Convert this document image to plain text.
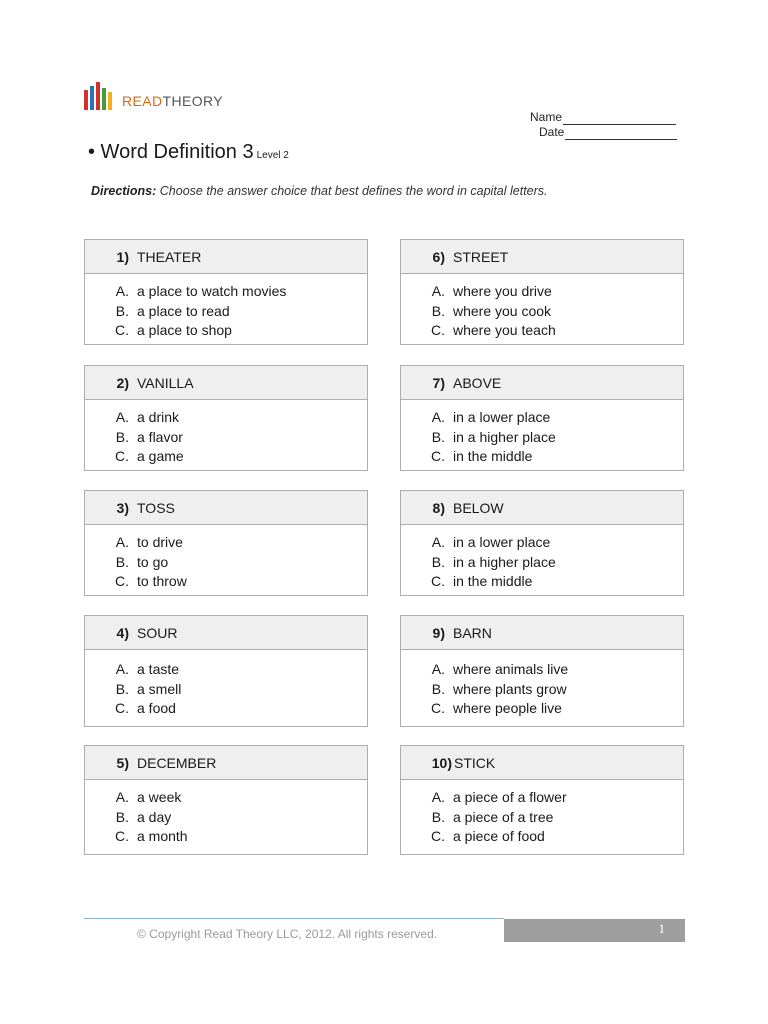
READTHEORY
Name
Date
• Word Definition 3 Level 2
Directions: Choose the answer choice that best defines the word in capital letters.
1) THEATER
A. a place to watch movies
B. a place to read
C. a place to shop
2) VANILLA
A. a drink
B. a flavor
C. a game
3) TOSS
A. to drive
B. to go
C. to throw
4) SOUR
A. a taste
B. a smell
C. a food
5) DECEMBER
A. a week
B. a day
C. a month
6) STREET
A. where you drive
B. where you cook
C. where you teach
7) ABOVE
A. in a lower place
B. in a higher place
C. in the middle
8) BELOW
A. in a lower place
B. in a higher place
C. in the middle
9) BARN
A. where animals live
B. where plants grow
C. where people live
10) STICK
A. a piece of a flower
B. a piece of a tree
C. a piece of food
© Copyright Read Theory LLC, 2012. All rights reserved.	1
